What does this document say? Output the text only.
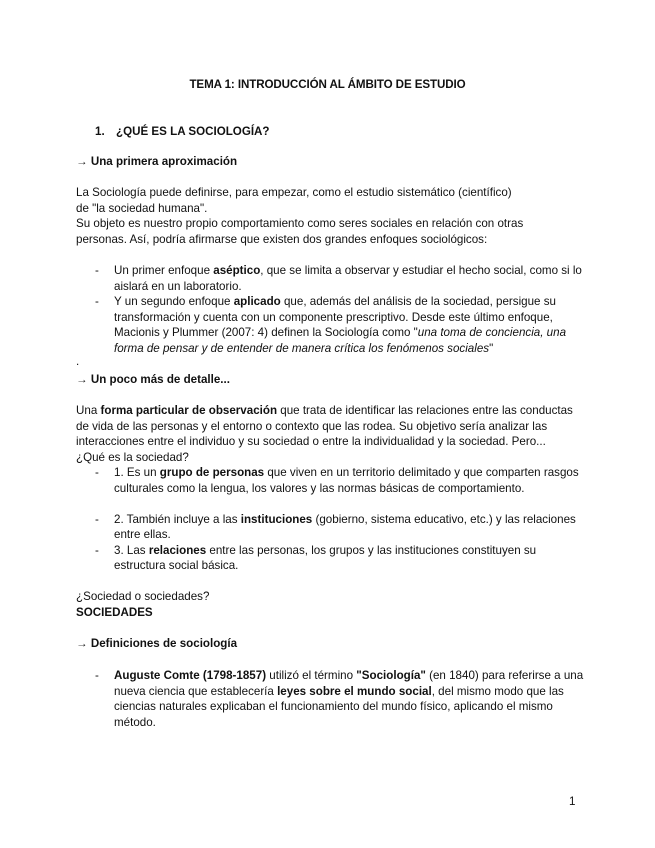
TEMA 1: INTRODUCCIÓN AL ÁMBITO DE ESTUDIO
1. ¿QUÉ ES LA SOCIOLOGÍA?
→ Una primera aproximación

La Sociología puede definirse, para empezar, como el estudio sistemático (científico)

de "la sociedad humana".

Su objeto es nuestro propio comportamiento como seres sociales en relación con otras

personas. Así, podría afirmarse que existen dos grandes enfoques sociológicos:

- Un primer enfoque aséptico, que se limita a observar y estudiar el hecho social, como si lo aislará en un laboratorio.
- Y un segundo enfoque aplicado que, además del análisis de la sociedad, persigue su transformación y cuenta con un componente prescriptivo. Desde este último enfoque, Macionis y Plummer (2007: 4) definen la Sociología como "una toma de conciencia, una forma de pensar y de entender de manera crítica los fenómenos sociales"
.
→ Un poco más de detalle...
Una forma particular de observación que trata de identificar las relaciones entre las conductas de vida de las personas y el entorno o contexto que las rodea. Su objetivo sería analizar las interacciones entre el individuo y su sociedad o entre la individualidad y la sociedad. Pero... ¿Qué es la sociedad?
- 1. Es un grupo de personas que viven en un territorio delimitado y que comparten rasgos culturales como la lengua, los valores y las normas básicas de comportamiento.
- 2. También incluye a las instituciones (gobierno, sistema educativo, etc.) y las relaciones entre ellas.
- 3. Las relaciones entre las personas, los grupos y las instituciones constituyen su estructura social básica.

¿Sociedad o sociedades?

SOCIEDADES

→ Definiciones de sociología
- Auguste Comte (1798-1857) utilizó el término "Sociología" (en 1840) para referirse a una nueva ciencia que establecería leyes sobre el mundo social, del mismo modo que las ciencias naturales explicaban el funcionamiento del mundo físico, aplicando el mismo método.
1
